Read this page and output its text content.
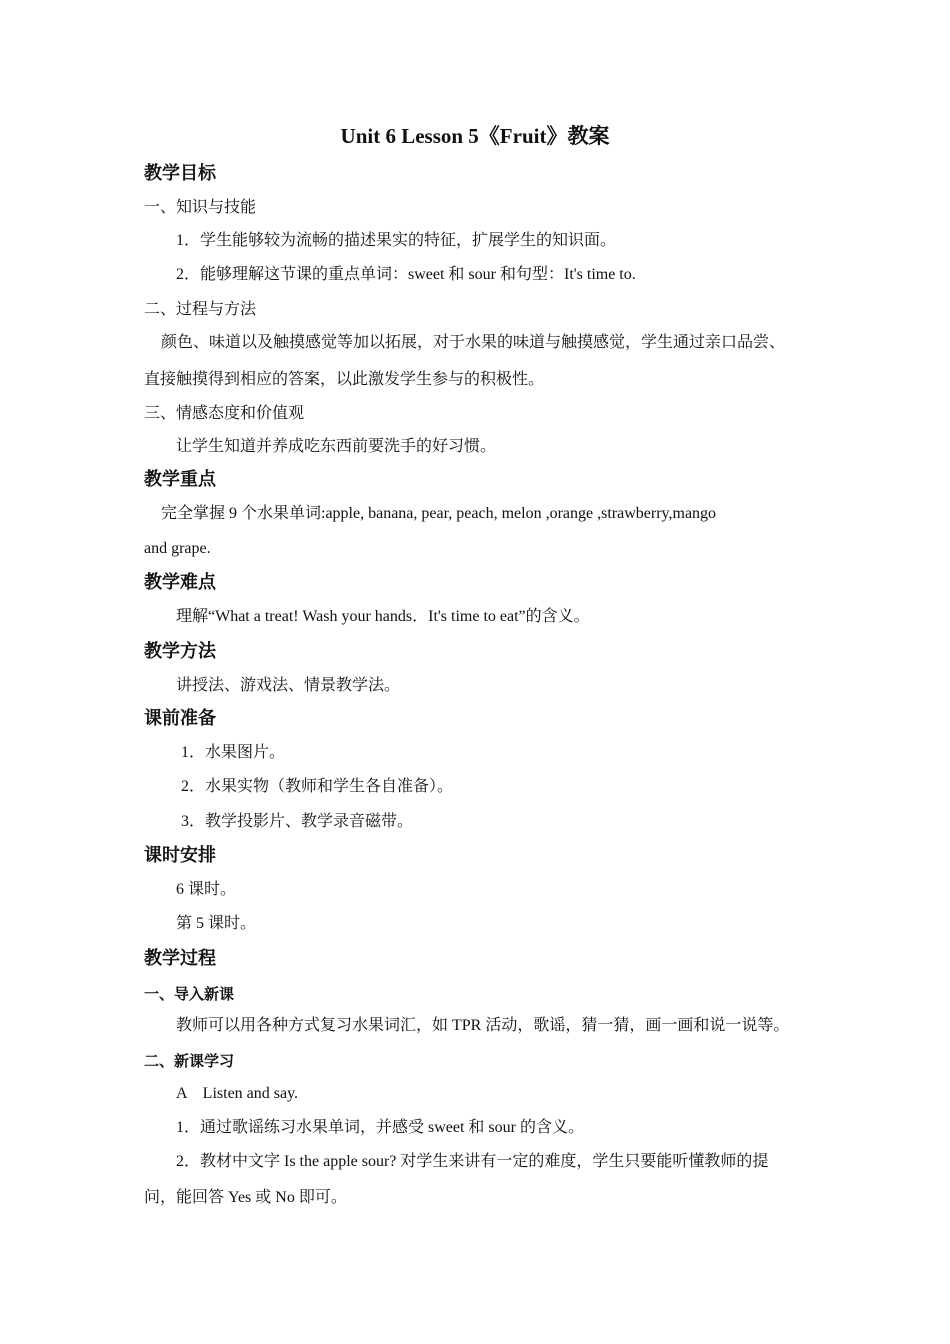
Unit 6 Lesson 5《Fruit》教案
教学目标
一、知识与技能
1．学生能够较为流畅的描述果实的特征，扩展学生的知识面。
2．能够理解这节课的重点单词：sweet 和 sour 和句型：It's time to.
二、过程与方法
颜色、味道以及触摸感觉等加以拓展，对于水果的味道与触摸感觉，学生通过亲口品尝、
直接触摸得到相应的答案，以此激发学生参与的积极性。
三、情感态度和价值观
让学生知道并养成吃东西前要洗手的好习惯。
教学重点
完全掌握 9 个水果单词:apple, banana, pear, peach, melon ,orange ,strawberry,mango
and grape.
教学难点
理解“What a treat! Wash your hands．It's time to eat”的含义。
教学方法
讲授法、游戏法、情景教学法。
课前准备
1．水果图片。
2．水果实物（教师和学生各自准备）。
3．教学投影片、教学录音磁带。
课时安排
6 课时。
第 5 课时。
教学过程
一、导入新课
教师可以用各种方式复习水果词汇，如 TPR 活动，歌谣，猜一猜，画一画和说一说等。
二、新课学习
A　Listen and say.
1．通过歌谣练习水果单词，并感受 sweet 和 sour 的含义。
2．教材中文字 Is the apple sour? 对学生来讲有一定的难度，学生只要能听懂教师的提
问，能回答 Yes 或 No 即可。
